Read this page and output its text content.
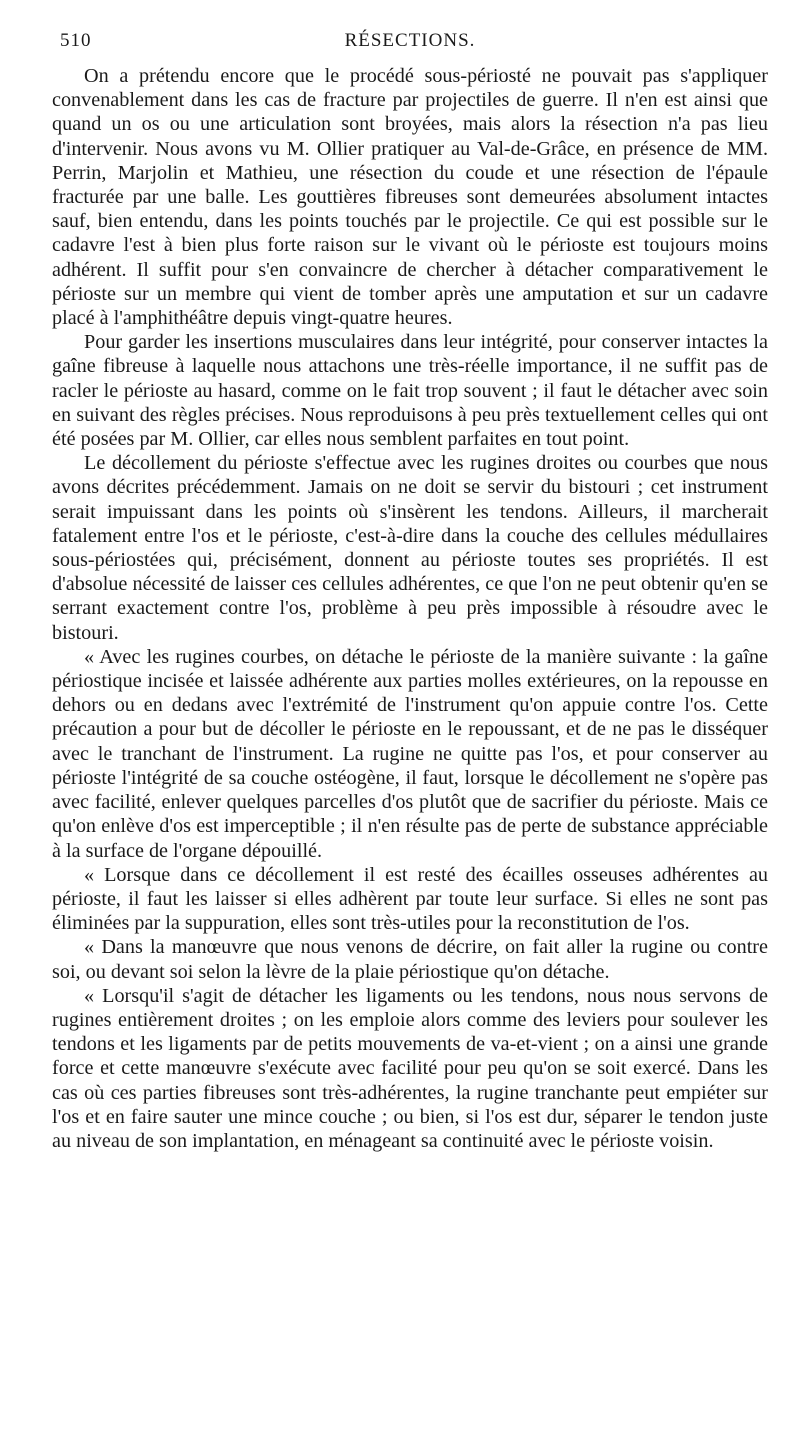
510	RÉSECTIONS.

On a prétendu encore que le procédé sous-périosté ne pouvait pas s'appliquer convenablement dans les cas de fracture par projectiles de guerre. Il n'en est ainsi que quand un os ou une articulation sont broyées, mais alors la résection n'a pas lieu d'intervenir. Nous avons vu M. Ollier pratiquer au Val-de-Grâce, en présence de MM. Perrin, Marjolin et Mathieu, une résection du coude et une résection de l'épaule fracturée par une balle. Les gouttières fibreuses sont demeurées absolument intactes sauf, bien entendu, dans les points touchés par le projectile. Ce qui est possible sur le cadavre l'est à bien plus forte raison sur le vivant où le périoste est toujours moins adhérent. Il suffit pour s'en convaincre de chercher à détacher comparativement le périoste sur un membre qui vient de tomber après une amputation et sur un cadavre placé à l'amphithéâtre depuis vingt-quatre heures.

Pour garder les insertions musculaires dans leur intégrité, pour conserver intactes la gaîne fibreuse à laquelle nous attachons une très-réelle importance, il ne suffit pas de racler le périoste au hasard, comme on le fait trop souvent ; il faut le détacher avec soin en suivant des règles précises. Nous reproduisons à peu près textuellement celles qui ont été posées par M. Ollier, car elles nous semblent parfaites en tout point.

Le décollement du périoste s'effectue avec les rugines droites ou courbes que nous avons décrites précédemment. Jamais on ne doit se servir du bistouri ; cet instrument serait impuissant dans les points où s'insèrent les tendons. Ailleurs, il marcherait fatalement entre l'os et le périoste, c'est-à-dire dans la couche des cellules médullaires sous-périostées qui, précisément, donnent au périoste toutes ses propriétés. Il est d'absolue nécessité de laisser ces cellules adhérentes, ce que l'on ne peut obtenir qu'en se serrant exactement contre l'os, problème à peu près impossible à résoudre avec le bistouri.

« Avec les rugines courbes, on détache le périoste de la manière suivante : la gaîne périostique incisée et laissée adhérente aux parties molles extérieures, on la repousse en dehors ou en dedans avec l'extrémité de l'instrument qu'on appuie contre l'os. Cette précaution a pour but de décoller le périoste en le repoussant, et de ne pas le disséquer avec le tranchant de l'instrument. La rugine ne quitte pas l'os, et pour conserver au périoste l'intégrité de sa couche ostéogène, il faut, lorsque le décollement ne s'opère pas avec facilité, enlever quelques parcelles d'os plutôt que de sacrifier du périoste. Mais ce qu'on enlève d'os est imperceptible ; il n'en résulte pas de perte de substance appréciable à la surface de l'organe dépouillé.

« Lorsque dans ce décollement il est resté des écailles osseuses adhérentes au périoste, il faut les laisser si elles adhèrent par toute leur surface. Si elles ne sont pas éliminées par la suppuration, elles sont très-utiles pour la reconstitution de l'os.

« Dans la manœuvre que nous venons de décrire, on fait aller la rugine ou contre soi, ou devant soi selon la lèvre de la plaie périostique qu'on détache.

« Lorsqu'il s'agit de détacher les ligaments ou les tendons, nous nous servons de rugines entièrement droites ; on les emploie alors comme des leviers pour soulever les tendons et les ligaments par de petits mouvements de va-et-vient ; on a ainsi une grande force et cette manœuvre s'exécute avec facilité pour peu qu'on se soit exercé. Dans les cas où ces parties fibreuses sont très-adhérentes, la rugine tranchante peut empiéter sur l'os et en faire sauter une mince couche ; ou bien, si l'os est dur, séparer le tendon juste au niveau de son implantation, en ménageant sa continuité avec le périoste voisin.
